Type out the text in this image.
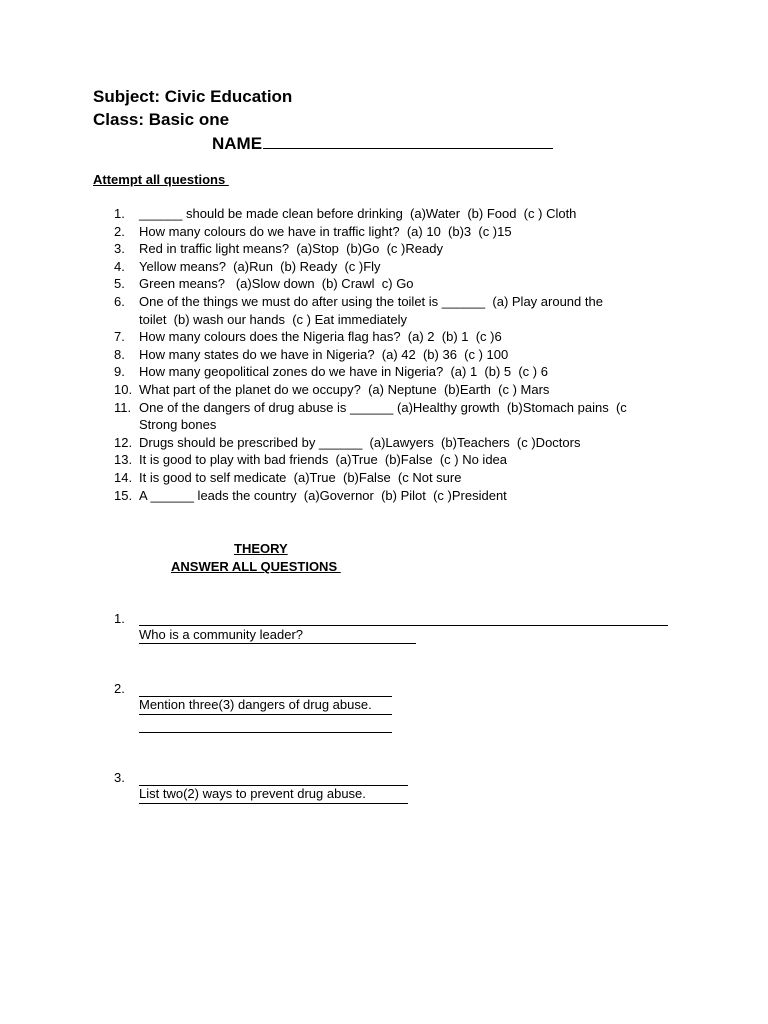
Subject: Civic Education
Class: Basic one
NAME
Attempt all questions
1.	______ should be made clean before drinking  (a)Water  (b) Food  (c ) Cloth
2.	How many colours do we have in traffic light?  (a) 10  (b)3  (c )15
3.	Red in traffic light means?  (a)Stop  (b)Go  (c )Ready
4.	Yellow means?  (a)Run  (b) Ready  (c )Fly
5.	Green means?   (a)Slow down  (b) Crawl  c) Go
6.	One of the things we must do after using the toilet is ______  (a) Play around the
toilet  (b) wash our hands  (c ) Eat immediately
7.	How many colours does the Nigeria flag has?  (a) 2  (b) 1  (c )6
8.	How many states do we have in Nigeria?  (a) 42  (b) 36  (c ) 100
9.	How many geopolitical zones do we have in Nigeria?  (a) 1  (b) 5  (c ) 6
10. What part of the planet do we occupy?  (a) Neptune  (b)Earth  (c ) Mars
11. One of the dangers of drug abuse is ______ (a)Healthy growth  (b)Stomach pains  (c
Strong bones
12. Drugs should be prescribed by ______  (a)Lawyers  (b)Teachers  (c )Doctors
13. It is good to play with bad friends  (a)True  (b)False  (c ) No idea
14. It is good to self medicate  (a)True  (b)False  (c Not sure
15. A ______ leads the country  (a)Governor  (b) Pilot  (c )President
THEORY
ANSWER ALL QUESTIONS

1.

Who is a community leader?

2.

Mention three(3) dangers of drug abuse.

3.

List two(2) ways to prevent drug abuse.
